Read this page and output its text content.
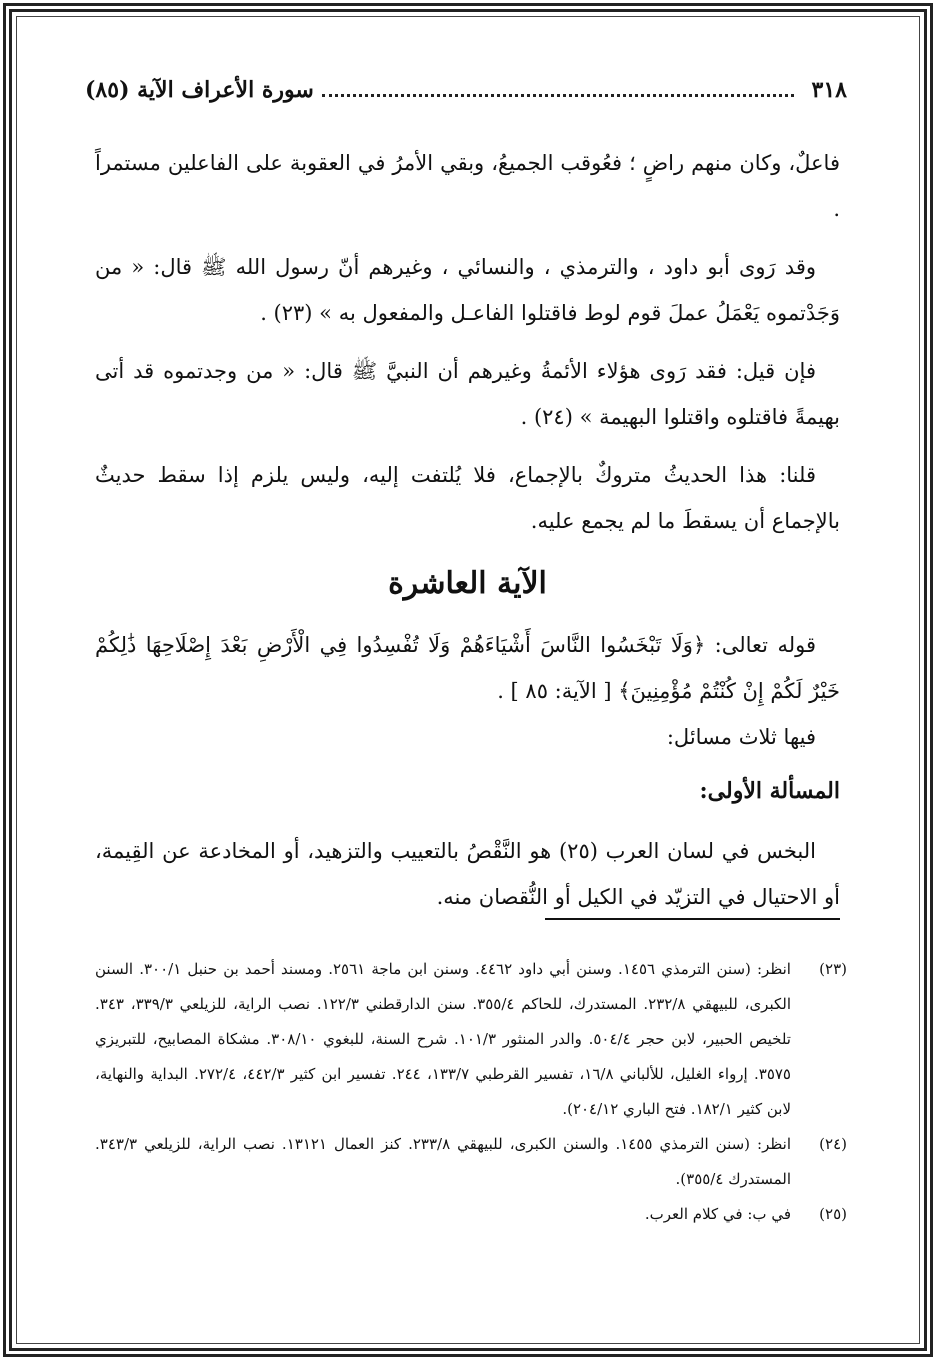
٣١٨
سورة الأعراف الآية (٨٥)

فاعلٌ، وكان منهم راضٍ ؛ فعُوقب الجميعُ، وبقي الأمرُ في العقوبة على الفاعلين مستمراً .

وقد رَوى أبو داود ، والترمذي ، والنسائي ، وغيرهم أنّ رسول الله ﷺ قال: « من وَجَدْتموه يَعْمَلُ عملَ قوم لوط فاقتلوا الفاعـل والمفعول به » (٢٣) .

فإن قيل: فقد رَوى هؤلاء الأئمةُ وغيرهم أن النبيَّ ﷺ قال: « من وجدتموه قد أتى بهيمةً فاقتلوه واقتلوا البهيمة » (٢٤) .

قلنا: هذا الحديثُ متروكٌ بالإجماع، فلا يُلتفت إليه، وليس يلزم إذا سقط حديثٌ بالإجماع أن يسقطَ ما لم يجمع عليه.

الآية العاشرة

قوله تعالى: ﴿وَلَا تَبْخَسُوا النَّاسَ أَشْيَاءَهُمْ وَلَا تُفْسِدُوا فِي الْأَرْضِ بَعْدَ إِصْلَاحِهَا ذَٰلِكُمْ خَيْرٌ لَكُمْ إِنْ كُنْتُمْ مُؤْمِنِينَ﴾ [ الآية: ٨٥ ] .

فيها ثلاث مسائل:

المسألة الأولى:

البخس في لسان العرب (٢٥) هو النَّقْصُ بالتعييب والتزهيد، أو المخادعة عن القِيمة، أو الاحتيال في التزيّد في الكيل أو النُّقصان منه.

(٢٣)
انظر: (سنن الترمذي ١٤٥٦. وسنن أبي داود ٤٤٦٢. وسنن ابن ماجة ٢٥٦١. ومسند أحمد بن حنبل ٣٠٠/١. السنن الكبرى، للبيهقي ٢٣٢/٨. المستدرك، للحاكم ٣٥٥/٤. سنن الدارقطني ١٢٢/٣. نصب الراية، للزيلعي ٣٣٩/٣، ٣٤٣. تلخيص الحبير، لابن حجر ٥٠٤/٤. والدر المنثور ١٠١/٣. شرح السنة، للبغوي ٣٠٨/١٠. مشكاة المصابيح، للتبريزي ٣٥٧٥. إرواء الغليل، للألباني ١٦/٨، تفسير القرطبي ١٣٣/٧، ٢٤٤. تفسير ابن كثير ٤٤٢/٣، ٢٧٢/٤. البداية والنهاية، لابن كثير ١٨٢/١. فتح الباري ٢٠٤/١٢).
(٢٤)
انظر: (سنن الترمذي ١٤٥٥. والسنن الكبرى، للبيهقي ٢٣٣/٨. كنز العمال ١٣١٢١. نصب الراية، للزيلعي ٣٤٣/٣. المستدرك ٣٥٥/٤).
(٢٥)
في ب: في كلام العرب.
